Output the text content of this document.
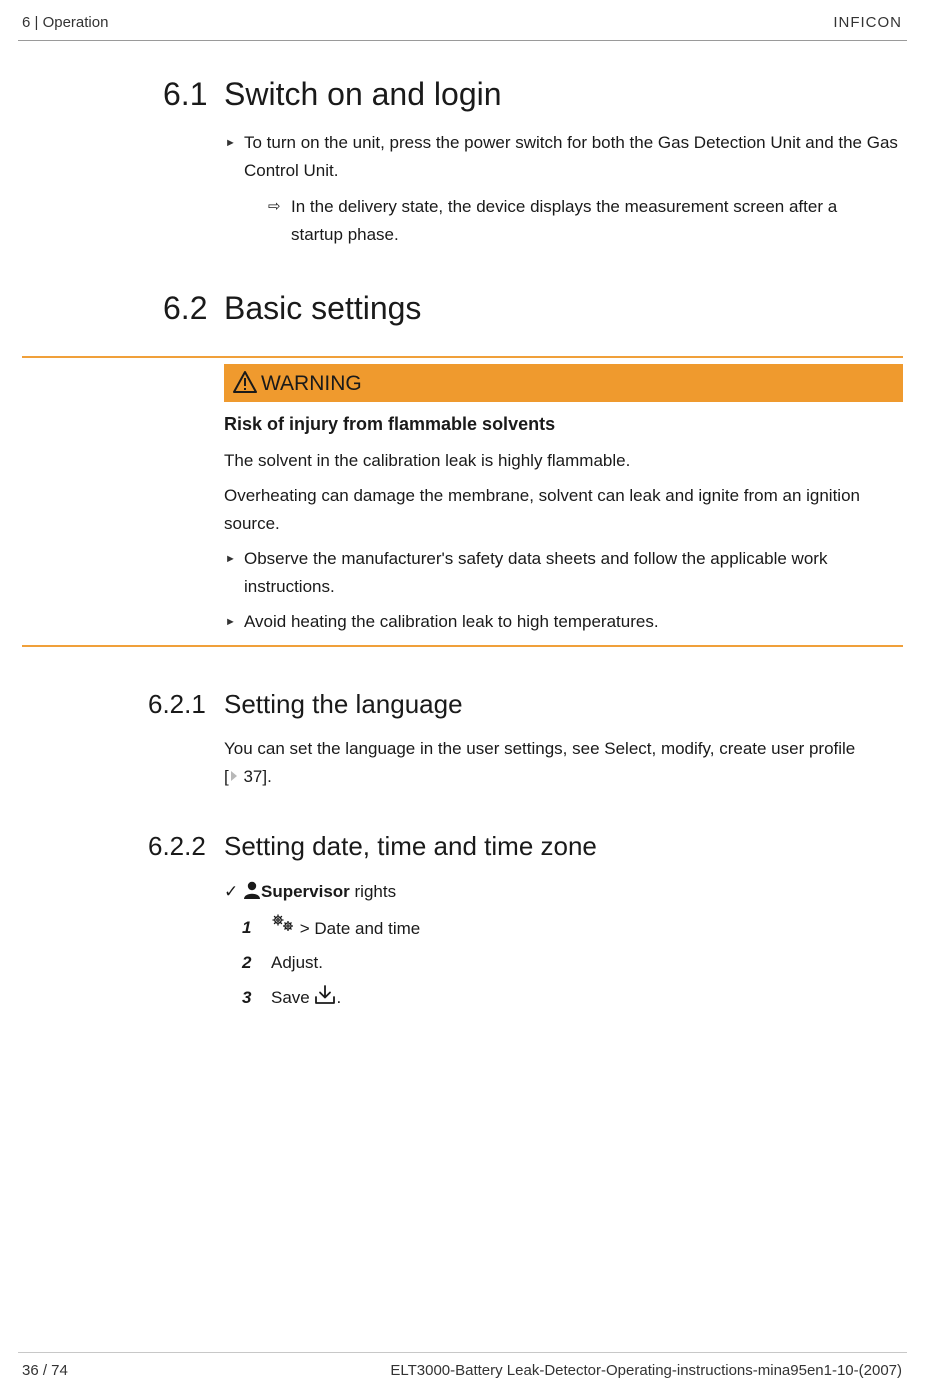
6 | Operation	INFICON
6.1 Switch on and login
► To turn on the unit, press the power switch for both the Gas Detection Unit and the Gas Control Unit.
⇨ In the delivery state, the device displays the measurement screen after a startup phase.
6.2 Basic settings
WARNING
Risk of injury from flammable solvents
The solvent in the calibration leak is highly flammable.
Overheating can damage the membrane, solvent can leak and ignite from an ignition source.
► Observe the manufacturer's safety data sheets and follow the applicable work instructions.
► Avoid heating the calibration leak to high temperatures.
6.2.1 Setting the language
You can set the language in the user settings, see Select, modify, create user profile
[ 37].
6.2.2 Setting date, time and time zone
✓ Supervisor rights
1	> Date and time
2 Adjust.
3 Save .
36 / 74	ELT3000-Battery Leak-Detector-Operating-instructions-mina95en1-10-(2007)
